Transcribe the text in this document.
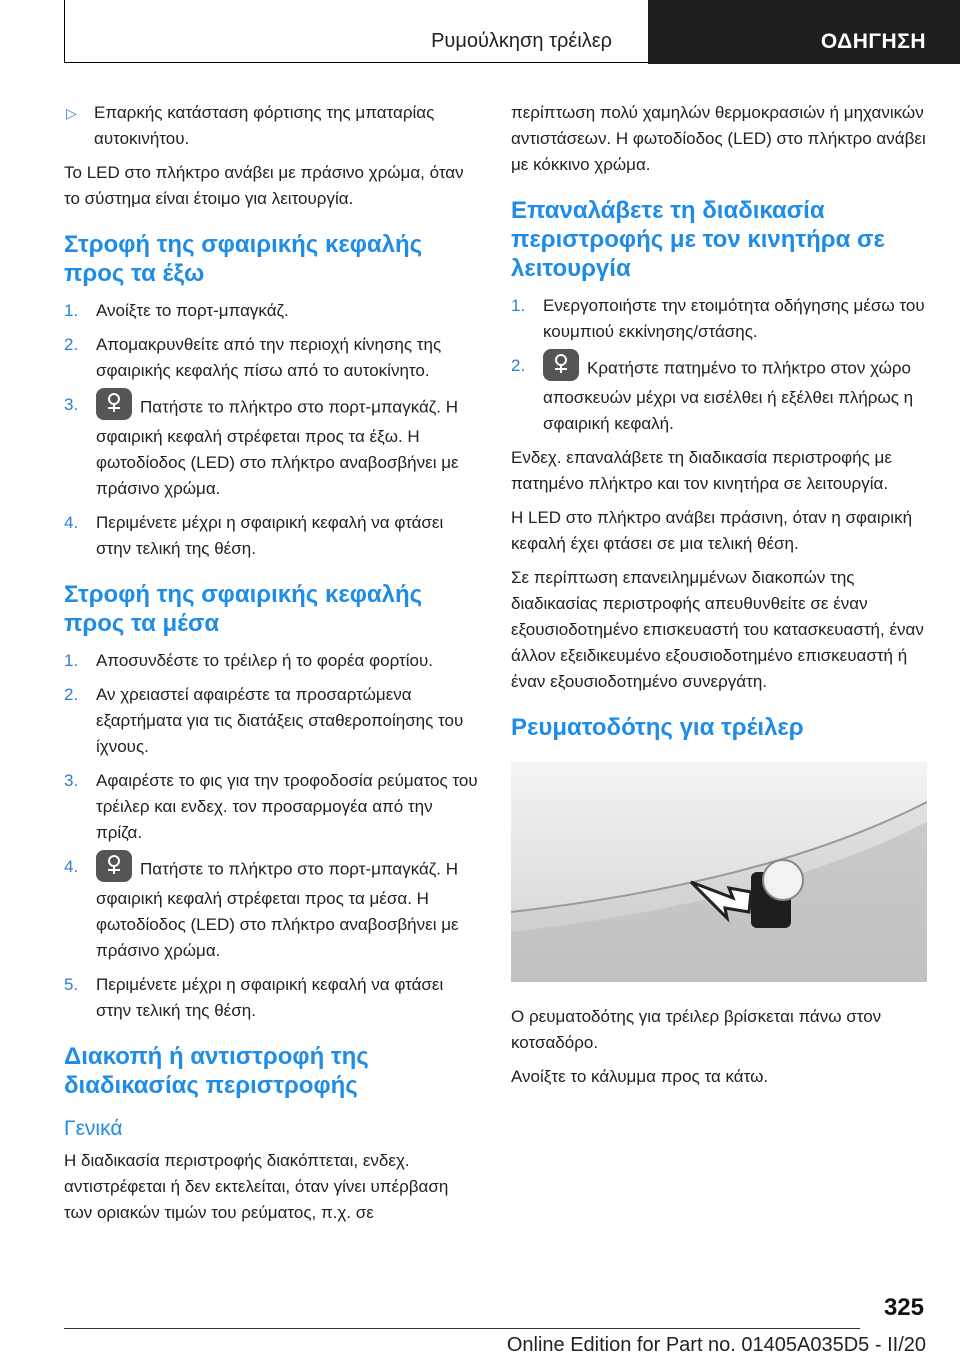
Ρυμούλκηση τρέιλερ	ΟΔΗΓΗΣΗ
▷ Επαρκής κατάσταση φόρτισης της μπαταρίας αυτοκινήτου.

Το LED στο πλήκτρο ανάβει με πράσινο χρώμα, όταν το σύστημα είναι έτοιμο για λειτουργία.

Στροφή της σφαιρικής κεφαλής προς τα έξω
1. Ανοίξτε το πορτ-μπαγκάζ.
2. Απομακρυνθείτε από την περιοχή κίνησης της σφαιρικής κεφαλής πίσω από το αυτοκίνητο.
3.	Πατήστε το πλήκτρο στο πορτ-μπαγκάζ. Η σφαιρική κεφαλή στρέφεται προς τα έξω. Η φωτοδίοδος (LED) στο πλήκτρο αναβοσβήνει με πράσινο χρώμα.
4. Περιμένετε μέχρι η σφαιρική κεφαλή να φτάσει στην τελική της θέση.
Στροφή της σφαιρικής κεφαλής προς τα μέσα
1. Αποσυνδέστε το τρέιλερ ή το φορέα φορτίου.
2. Αν χρειαστεί αφαιρέστε τα προσαρτώμενα εξαρτήματα για τις διατάξεις σταθεροποίησης του ίχνους.
3. Αφαιρέστε το φις για την τροφοδοσία ρεύματος του τρέιλερ και ενδεχ. τον προσαρμογέα από την πρίζα.
4.	Πατήστε το πλήκτρο στο πορτ-μπαγκάζ. Η σφαιρική κεφαλή στρέφεται προς τα μέσα. Η φωτοδίοδος (LED) στο πλήκτρο αναβοσβήνει με πράσινο χρώμα.
5. Περιμένετε μέχρι η σφαιρική κεφαλή να φτάσει στην τελική της θέση.
Διακοπή ή αντιστροφή της διαδικασίας περιστροφής
Γενικά

Η διαδικασία περιστροφής διακόπτεται, ενδεχ. αντιστρέφεται ή δεν εκτελείται, όταν γίνει υπέρβαση των οριακών τιμών του ρεύματος, π.χ. σε

περίπτωση πολύ χαμηλών θερμοκρασιών ή μηχανικών αντιστάσεων. Η φωτοδίοδος (LED) στο πλήκτρο ανάβει με κόκκινο χρώμα.

Επαναλάβετε τη διαδικασία περιστροφής με τον κινητήρα σε λειτουργία
1. Ενεργοποιήστε την ετοιμότητα οδήγησης μέσω του κουμπιού εκκίνησης/στάσης.
2.	Κρατήστε πατημένο το πλήκτρο στον χώρο αποσκευών μέχρι να εισέλθει ή εξέλθει πλήρως η σφαιρική κεφαλή.

Ενδεχ. επαναλάβετε τη διαδικασία περιστροφής με πατημένο πλήκτρο και τον κινητήρα σε λειτουργία.

Η LED στο πλήκτρο ανάβει πράσινη, όταν η σφαιρική κεφαλή έχει φτάσει σε μια τελική θέση.

Σε περίπτωση επανειλημμένων διακοπών της διαδικασίας περιστροφής απευθυνθείτε σε έναν εξουσιοδοτημένο επισκευαστή του κατασκευαστή, έναν άλλον εξειδικευμένο εξουσιοδοτημένο επισκευαστή ή έναν εξουσιοδοτημένο συνεργάτη.

Ρευματοδότης για τρέιλερ

Ο ρευματοδότης για τρέιλερ βρίσκεται πάνω στον κοτσαδόρο.

Ανοίξτε το κάλυμμα προς τα κάτω.

325
Online Edition for Part no. 01405A035D5 - II/20
